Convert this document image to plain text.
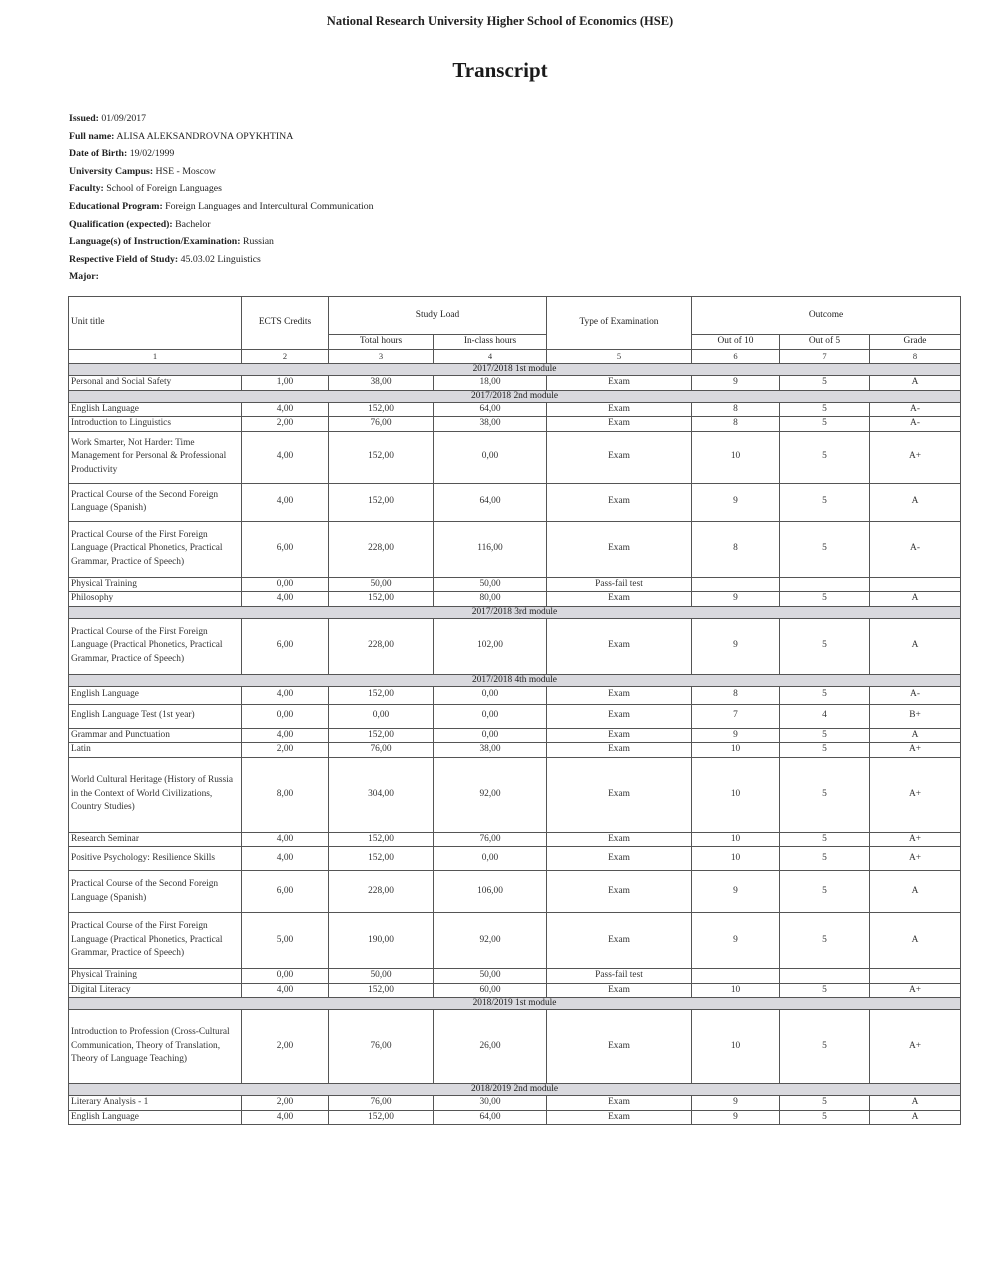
National Research University Higher School of Economics (HSE)
Transcript
Issued: 01/09/2017
Full name: ALISA ALEKSANDROVNA OPYKHTINA
Date of Birth: 19/02/1999
University Campus: HSE - Moscow
Faculty: School of Foreign Languages
Educational Program: Foreign Languages and Intercultural Communication
Qualification (expected): Bachelor
Language(s) of Instruction/Examination: Russian
Respective Field of Study: 45.03.02 Linguistics
Major:
Unit title	ECTS Credits	Study Load		Type of Examination	Outcome		
		Total hours	In-class hours		Out of 10	Out of 5	Grade
1	2	3	4	5	6	7	8
2017/2018 1st module							
Personal and Social Safety	1,00	38,00	18,00	Exam	9	5	A
2017/2018 2nd module							
English Language	4,00	152,00	64,00	Exam	8	5	A-
Introduction to Linguistics	2,00	76,00	38,00	Exam	8	5	A-
Work Smarter, Not Harder: Time Management for Personal & Professional Productivity	4,00	152,00	0,00	Exam	10	5	A+
Practical Course of the Second Foreign Language (Spanish)	4,00	152,00	64,00	Exam	9	5	A
Practical Course of the First Foreign Language (Practical Phonetics, Practical Grammar, Practice of Speech)	6,00	228,00	116,00	Exam	8	5	A-
Physical Training	0,00	50,00	50,00	Pass-fail test			
Philosophy	4,00	152,00	80,00	Exam	9	5	A
2017/2018 3rd module							
Practical Course of the First Foreign Language (Practical Phonetics, Practical Grammar, Practice of Speech)	6,00	228,00	102,00	Exam	9	5	A
2017/2018 4th module							
English Language	4,00	152,00	0,00	Exam	8	5	A-
English Language Test (1st year)	0,00	0,00	0,00	Exam	7	4	B+
Grammar and Punctuation	4,00	152,00	0,00	Exam	9	5	A
Latin	2,00	76,00	38,00	Exam	10	5	A+
World Cultural Heritage (History of Russia in the Context of World Civilizations, Country Studies)	8,00	304,00	92,00	Exam	10	5	A+
Research Seminar	4,00	152,00	76,00	Exam	10	5	A+
Positive Psychology: Resilience Skills	4,00	152,00	0,00	Exam	10	5	A+
Practical Course of the Second Foreign Language (Spanish)	6,00	228,00	106,00	Exam	9	5	A
Practical Course of the First Foreign Language (Practical Phonetics, Practical Grammar, Practice of Speech)	5,00	190,00	92,00	Exam	9	5	A
Physical Training	0,00	50,00	50,00	Pass-fail test			
Digital Literacy	4,00	152,00	60,00	Exam	10	5	A+
2018/2019 1st module							
Introduction to Profession (Cross-Cultural Communication, Theory of Translation, Theory of Language Teaching)	2,00	76,00	26,00	Exam	10	5	A+
2018/2019 2nd module							
Literary Analysis - 1	2,00	76,00	30,00	Exam	9	5	A
English Language	4,00	152,00	64,00	Exam	9	5	A
